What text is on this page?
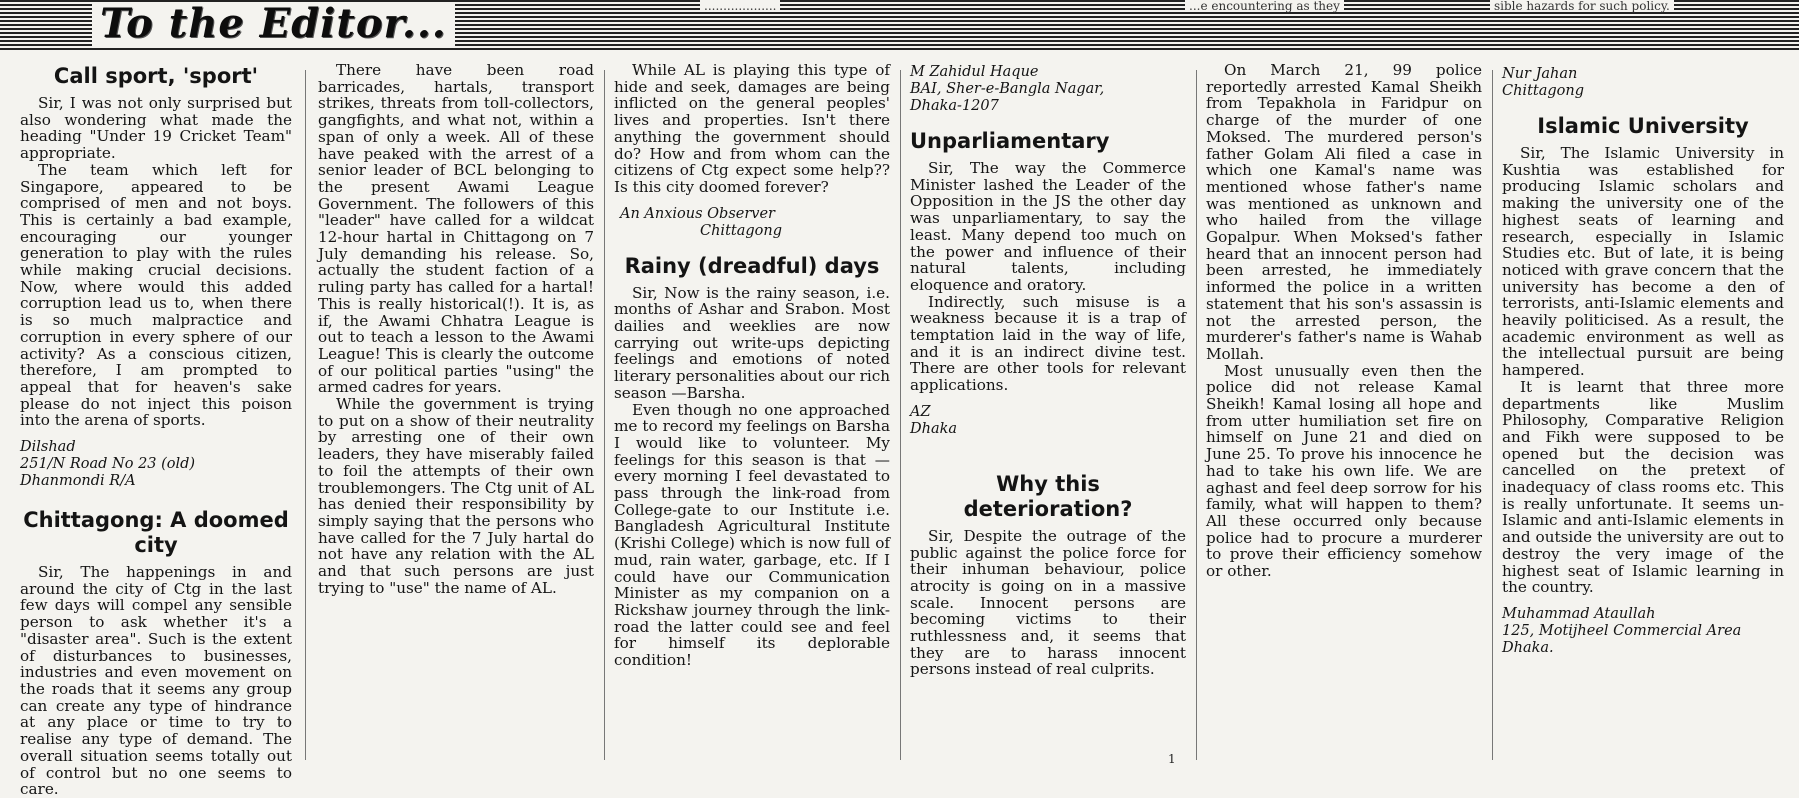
To the Editor...	...................	...e encountering as they	sible hazards for such policy.
Call sport, 'sport'

Sir, I was not only surprised but also wondering what made the heading "Under 19 Cricket Team" appropriate.

The team which left for Singapore, appeared to be comprised of men and not boys. This is certainly a bad example, encouraging our younger generation to play with the rules while making crucial decisions. Now, where would this added corruption lead us to, when there is so much malpractice and corruption in every sphere of our activity? As a conscious citizen, therefore, I am prompted to appeal that for heaven's sake please do not inject this poison into the arena of sports.

Dilshad
251/N Road No 23 (old)
Dhanmondi R/A
Chittagong: A doomed city

Sir, The happenings in and around the city of Ctg in the last few days will compel any sensible person to ask whether it's a "disaster area". Such is the extent of disturbances to businesses, industries and even movement on the roads that it seems any group can create any type of hindrance at any place or time to try to realise any type of demand. The overall situation seems totally out of control but no one seems to care.

There have been road barricades, hartals, transport strikes, threats from toll-collectors, gangfights, and what not, within a span of only a week. All of these have peaked with the arrest of a senior leader of BCL belonging to the present Awami League Government. The followers of this "leader" have called for a wildcat 12-hour hartal in Chittagong on 7 July demanding his release. So, actually the student faction of a ruling party has called for a hartal! This is really historical(!). It is, as if, the Awami Chhatra League is out to teach a lesson to the Awami League! This is clearly the outcome of our political parties "using" the armed cadres for years.

While the government is trying to put on a show of their neutrality by arresting one of their own leaders, they have miserably failed to foil the attempts of their own troublemongers. The Ctg unit of AL has denied their responsibility by simply saying that the persons who have called for the 7 July hartal do not have any relation with the AL and that such persons are just trying to "use" the name of AL.

While AL is playing this type of hide and seek, damages are being inflicted on the general peoples' lives and properties. Isn't there anything the government should do? How and from whom can the citizens of Ctg expect some help?? Is this city doomed forever?

An Anxious Observer
Chittagong
Rainy (dreadful) days

Sir, Now is the rainy season, i.e. months of Ashar and Srabon. Most dailies and weeklies are now carrying out write-ups depicting feelings and emotions of noted literary personalities about our rich season —Barsha.

Even though no one approached me to record my feelings on Barsha I would like to volunteer. My feelings for this season is that — every morning I feel devastated to pass through the link-road from College-gate to our Institute i.e. Bangladesh Agricultural Institute (Krishi College) which is now full of mud, rain water, garbage, etc. If I could have our Communication Minister as my companion on a Rickshaw journey through the link-road the latter could see and feel for himself its deplorable condition!

M Zahidul Haque
BAI, Sher-e-Bangla Nagar,
Dhaka-1207
Unparliamentary

Sir, The way the Commerce Minister lashed the Leader of the Opposition in the JS the other day was unparliamentary, to say the least. Many depend too much on the power and influence of their natural talents, including eloquence and oratory.

Indirectly, such misuse is a weakness because it is a trap of temptation laid in the way of life, and it is an indirect divine test. There are other tools for relevant applications.

AZ
Dhaka
Why this deterioration?

Sir, Despite the outrage of the public against the police force for their inhuman behaviour, police atrocity is going on in a massive scale. Innocent persons are becoming victims to their ruthlessness and, it seems that they are to harass innocent persons instead of real culprits.

On March 21, 99 police reportedly arrested Kamal Sheikh from Tepakhola in Faridpur on charge of the murder of one Moksed. The murdered person's father Golam Ali filed a case in which one Kamal's name was mentioned whose father's name was mentioned as unknown and who hailed from the village Gopalpur. When Moksed's father heard that an innocent person had been arrested, he immediately informed the police in a written statement that his son's assassin is not the arrested person, the murderer's father's name is Wahab Mollah.

Most unusually even then the police did not release Kamal Sheikh! Kamal losing all hope and from utter humiliation set fire on himself on June 21 and died on June 25. To prove his innocence he had to take his own life. We are aghast and feel deep sorrow for his family, what will happen to them? All these occurred only because police had to procure a murderer to prove their efficiency somehow or other.

Nur Jahan
Chittagong
Islamic University

Sir, The Islamic University in Kushtia was established for producing Islamic scholars and making the university one of the highest seats of learning and research, especially in Islamic Studies etc. But of late, it is being noticed with grave concern that the university has become a den of terrorists, anti-Islamic elements and heavily politicised. As a result, the academic environment as well as the intellectual pursuit are being hampered.

It is learnt that three more departments like Muslim Philosophy, Comparative Religion and Fikh were supposed to be opened but the decision was cancelled on the pretext of inadequacy of class rooms etc. This is really unfortunate. It seems un-Islamic and anti-Islamic elements in and outside the university are out to destroy the very image of the highest seat of Islamic learning in the country.

Muhammad Ataullah
125, Motijheel Commercial Area
Dhaka.
1
